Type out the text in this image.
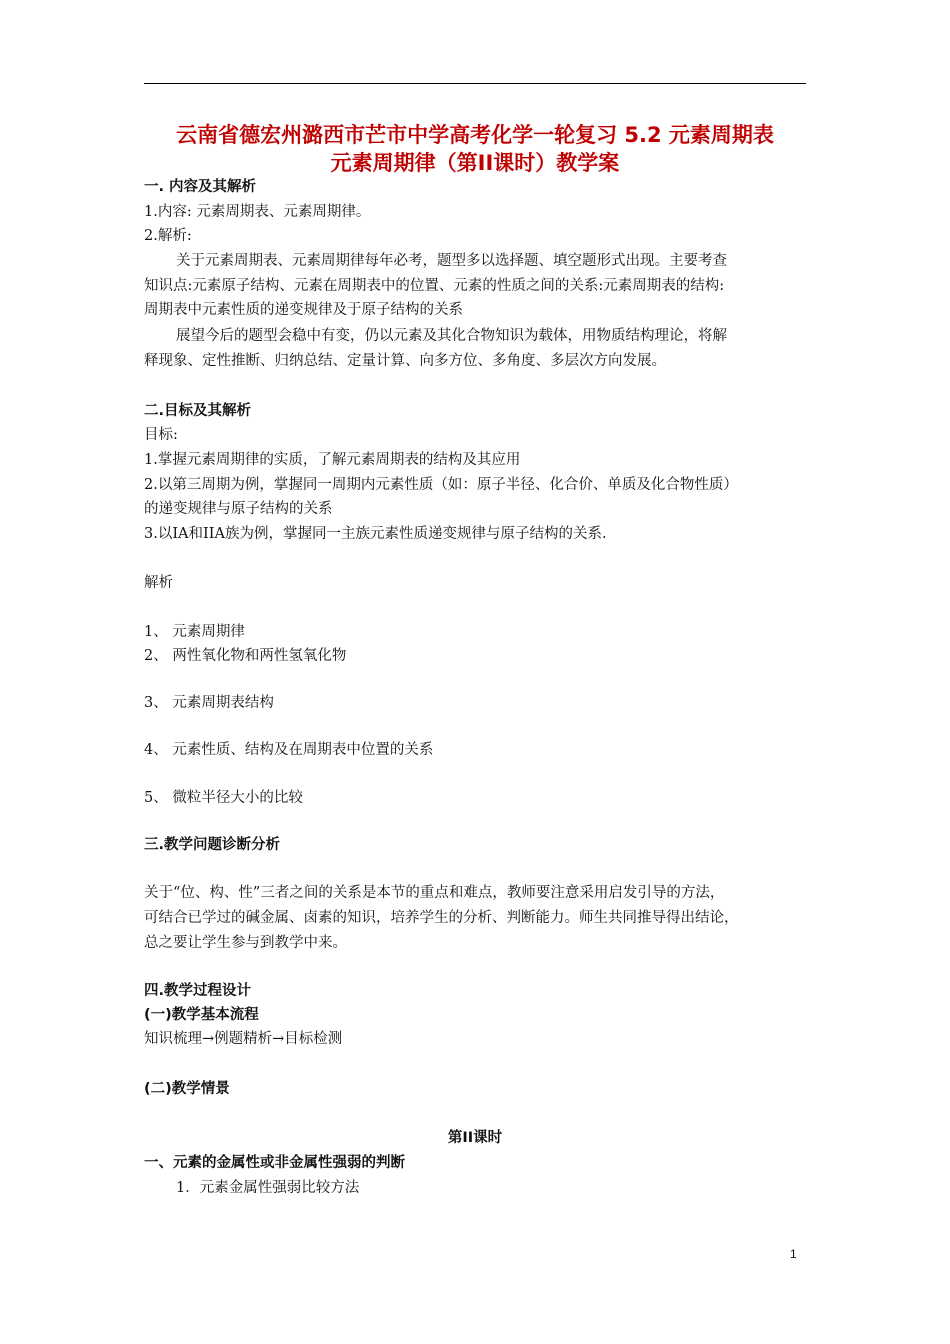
云南省德宏州潞西市芒市中学高考化学一轮复习 5.2 元素周期表
元素周期律（第II课时）教学案
一. 内容及其解析
1.内容: 元素周期表、元素周期律。
2.解析:
关于元素周期表、元素周期律每年必考，题型多以选择题、填空题形式出现。主要考查
知识点:元素原子结构、元素在周期表中的位置、元素的性质之间的关系:元素周期表的结构:
周期表中元素性质的递变规律及于原子结构的关系
展望今后的题型会稳中有变，仍以元素及其化合物知识为载体，用物质结构理论，将解
释现象、定性推断、归纳总结、定量计算、向多方位、多角度、多层次方向发展。
二.目标及其解析
目标:
1.掌握元素周期律的实质，了解元素周期表的结构及其应用
2.以第三周期为例，掌握同一周期内元素性质（如：原子半径、化合价、单质及化合物性质）
的递变规律与原子结构的关系
3.以IA和IIA族为例，掌握同一主族元素性质递变规律与原子结构的关系.
解析
1、 元素周期律
2、 两性氧化物和两性氢氧化物
3、 元素周期表结构
4、 元素性质、结构及在周期表中位置的关系
5、 微粒半径大小的比较
三.教学问题诊断分析
关于“位、构、性”三者之间的关系是本节的重点和难点，教师要注意采用启发引导的方法，
可结合已学过的碱金属、卤素的知识，培养学生的分析、判断能力。师生共同推导得出结论，
总之要让学生参与到教学中来。
四.教学过程设计
(一)教学基本流程
知识梳理→例题精析→目标检测
(二)教学情景
第II课时
一、元素的金属性或非金属性强弱的判断
1．元素金属性强弱比较方法
1
